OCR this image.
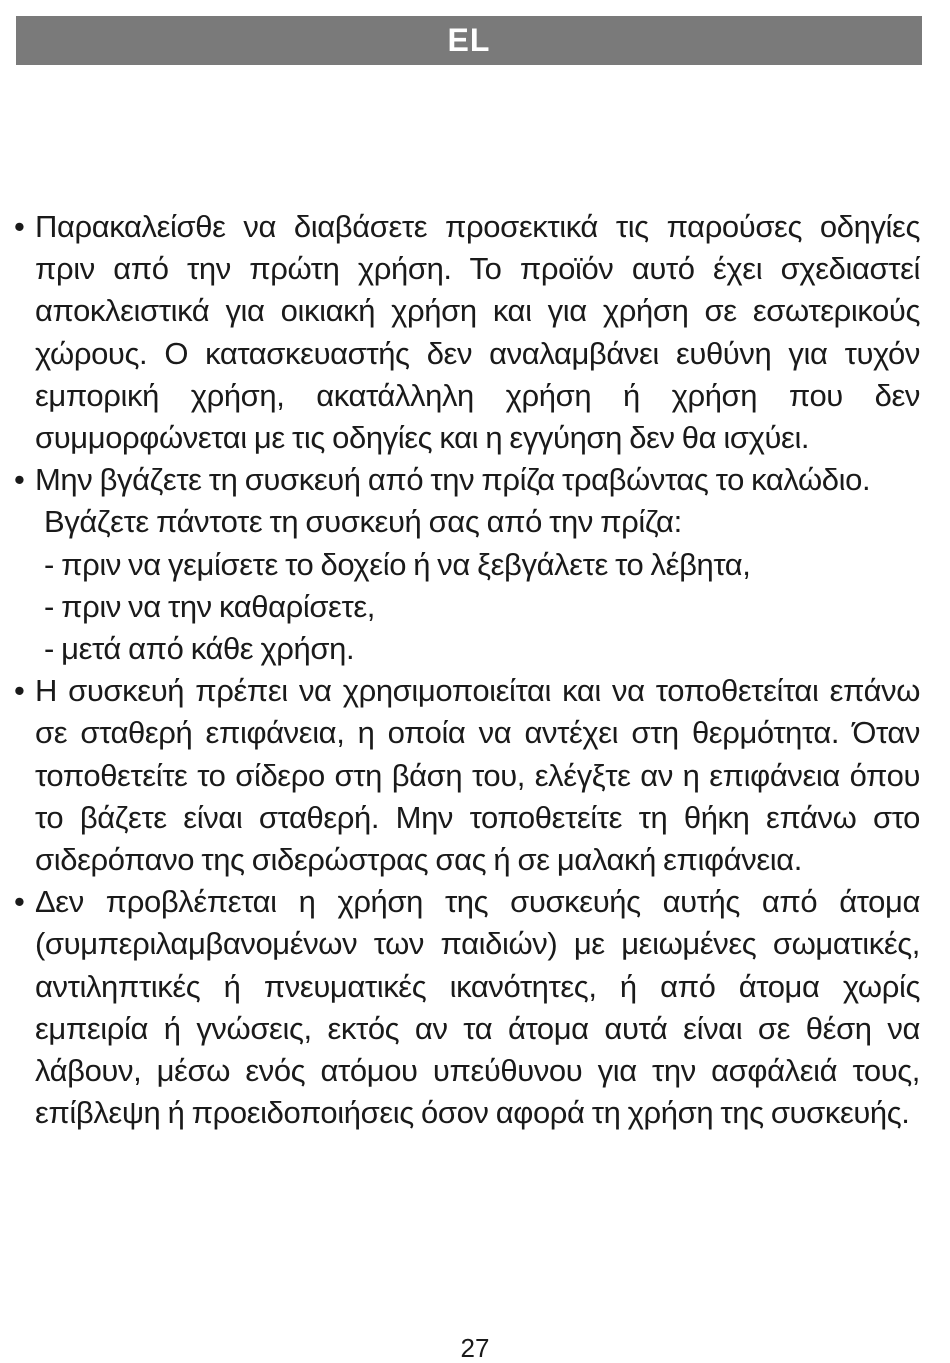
EL

• Παρακαλείσθε να διαβάσετε προσεκτικά τις παρούσες οδηγίες πριν από την πρώτη χρήση. Το προϊόν αυτό έχει σχεδιαστεί αποκλειστικά για οικιακή χρήση και για χρήση σε εσωτερικούς χώρους. Ο κατασκευαστής δεν αναλαμβάνει ευθύνη για τυχόν εμπορική χρήση, ακατάλληλη χρήση ή χρήση που δεν συμμορφώνεται με τις οδηγίες και η εγγύηση δεν θα ισχύει.

• Μην βγάζετε τη συσκευή από την πρίζα τραβώντας το καλώδιο.

Βγάζετε πάντοτε τη συσκευή σας από την πρίζα:

- πριν να γεμίσετε το δοχείο ή να ξεβγάλετε το λέβητα,

- πριν να την καθαρίσετε,

- μετά από κάθε χρήση.

• Η συσκευή πρέπει να χρησιμοποιείται και να τοποθετείται επάνω σε σταθερή επιφάνεια, η οποία να αντέχει στη θερμότητα. Όταν τοποθετείτε το σίδερο στη βάση του, ελέγξτε αν η επιφάνεια όπου το βάζετε είναι σταθερή. Μην τοποθετείτε τη θήκη επάνω στο σιδερόπανο της σιδερώστρας σας ή σε μαλακή επιφάνεια.

• Δεν προβλέπεται η χρήση της συσκευής αυτής από άτομα (συμπεριλαμβανομένων των παιδιών) με μειωμένες σωματικές, αντιληπτικές ή πνευματικές ικανότητες, ή από άτομα χωρίς εμπειρία ή γνώσεις, εκτός αν τα άτομα αυτά είναι σε θέση να λάβουν, μέσω ενός ατόμου υπεύθυνου για την ασφάλειά τους, επίβλεψη ή προειδοποιήσεις όσον αφορά τη χρήση της συσκευής.

27
